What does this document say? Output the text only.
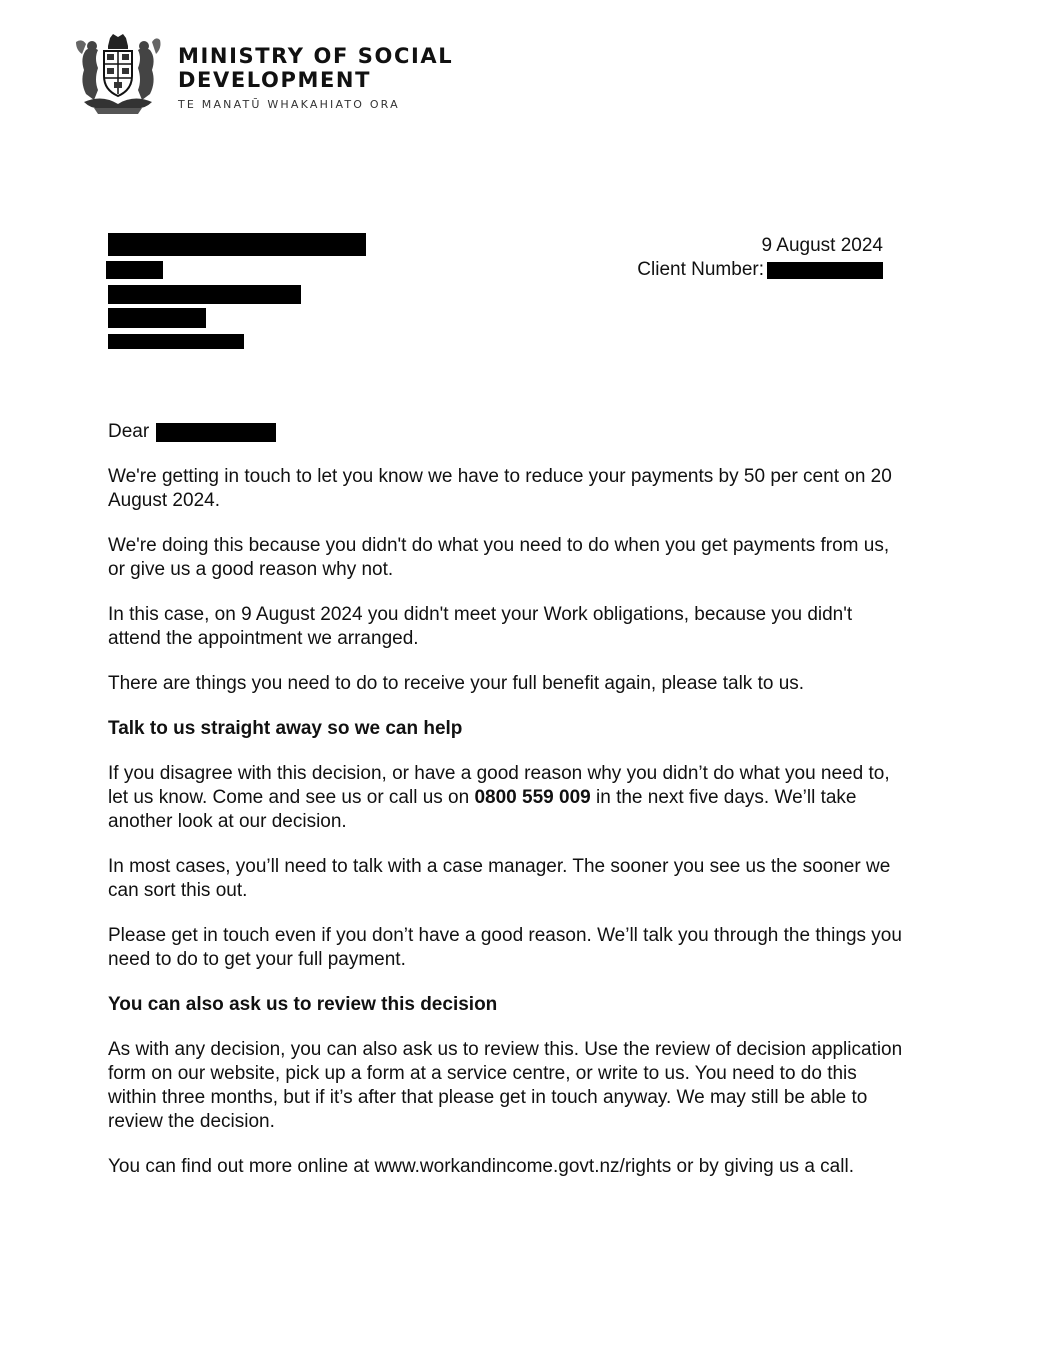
MINISTRY OF SOCIAL
DEVELOPMENT
TE MANATŪ WHAKAHIATO ORA
9 August 2024
Client Number:

Dear

We're getting in touch to let you know we have to reduce your payments by 50 per cent on 20 August 2024.

We're doing this because you didn't do what you need to do when you get payments from us, or give us a good reason why not.

In this case, on 9 August 2024 you didn't meet your Work obligations, because you didn't attend the appointment we arranged.

There are things you need to do to receive your full benefit again, please talk to us.

Talk to us straight away so we can help

If you disagree with this decision, or have a good reason why you didn’t do what you need to, let us know. Come and see us or call us on 0800 559 009 in the next five days. We’ll take another look at our decision.

In most cases, you’ll need to talk with a case manager. The sooner you see us the sooner we can sort this out.

Please get in touch even if you don’t have a good reason. We’ll talk you through the things you need to do to get your full payment.

You can also ask us to review this decision

As with any decision, you can also ask us to review this. Use the review of decision application form on our website, pick up a form at a service centre, or write to us. You need to do this within three months, but if it’s after that please get in touch anyway. We may still be able to review the decision.

You can find out more online at www.workandincome.govt.nz/rights or by giving us a call.
